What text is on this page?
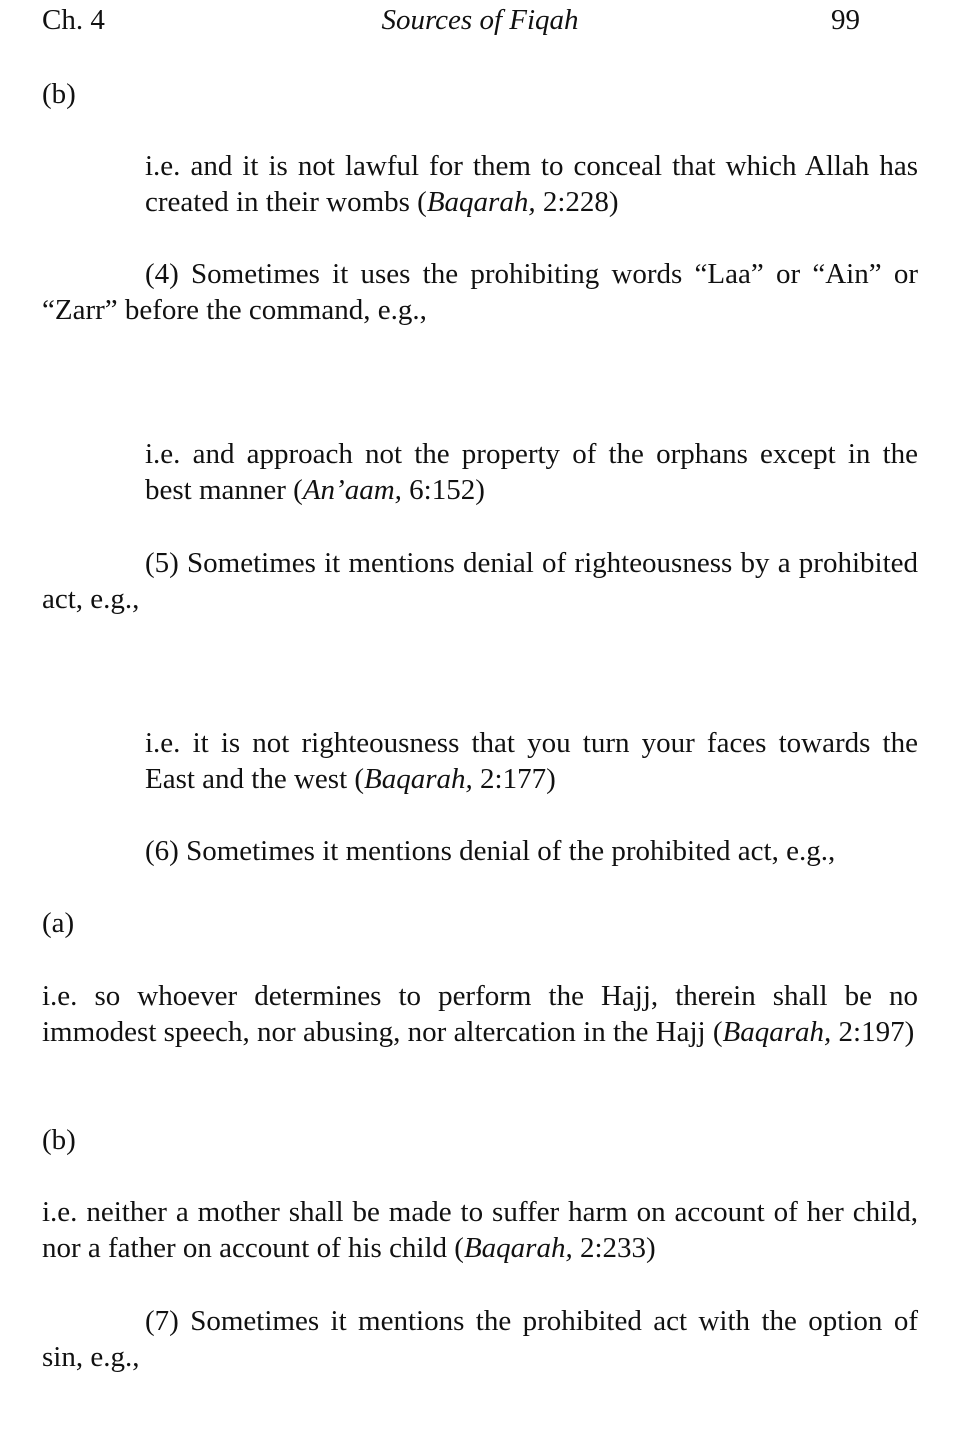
Ch. 4	Sources of Fiqah	99
(b)
i.e. and it is not lawful for them to conceal that which Allah has created in their wombs (Baqarah, 2:228)
(4) Sometimes it uses the prohibiting words “Laa” or “Ain” or “Zarr” before the command, e.g.,
i.e. and approach not the property of the orphans except in the best manner (An’aam, 6:152)
(5) Sometimes it mentions denial of righteousness by a prohibited act, e.g.,
i.e. it is not righteousness that you turn your faces towards the East and the west (Baqarah, 2:177)
(6) Sometimes it mentions denial of the prohibited act, e.g.,
(a)
i.e. so whoever determines to perform the Hajj, therein shall be no immodest speech, nor abusing, nor altercation in the Hajj (Baqarah, 2:197)
(b)
i.e. neither a mother shall be made to suffer harm on account of her child, nor a father on account of his child (Baqarah, 2:233)
(7) Sometimes it mentions the prohibited act with the option of sin, e.g.,
